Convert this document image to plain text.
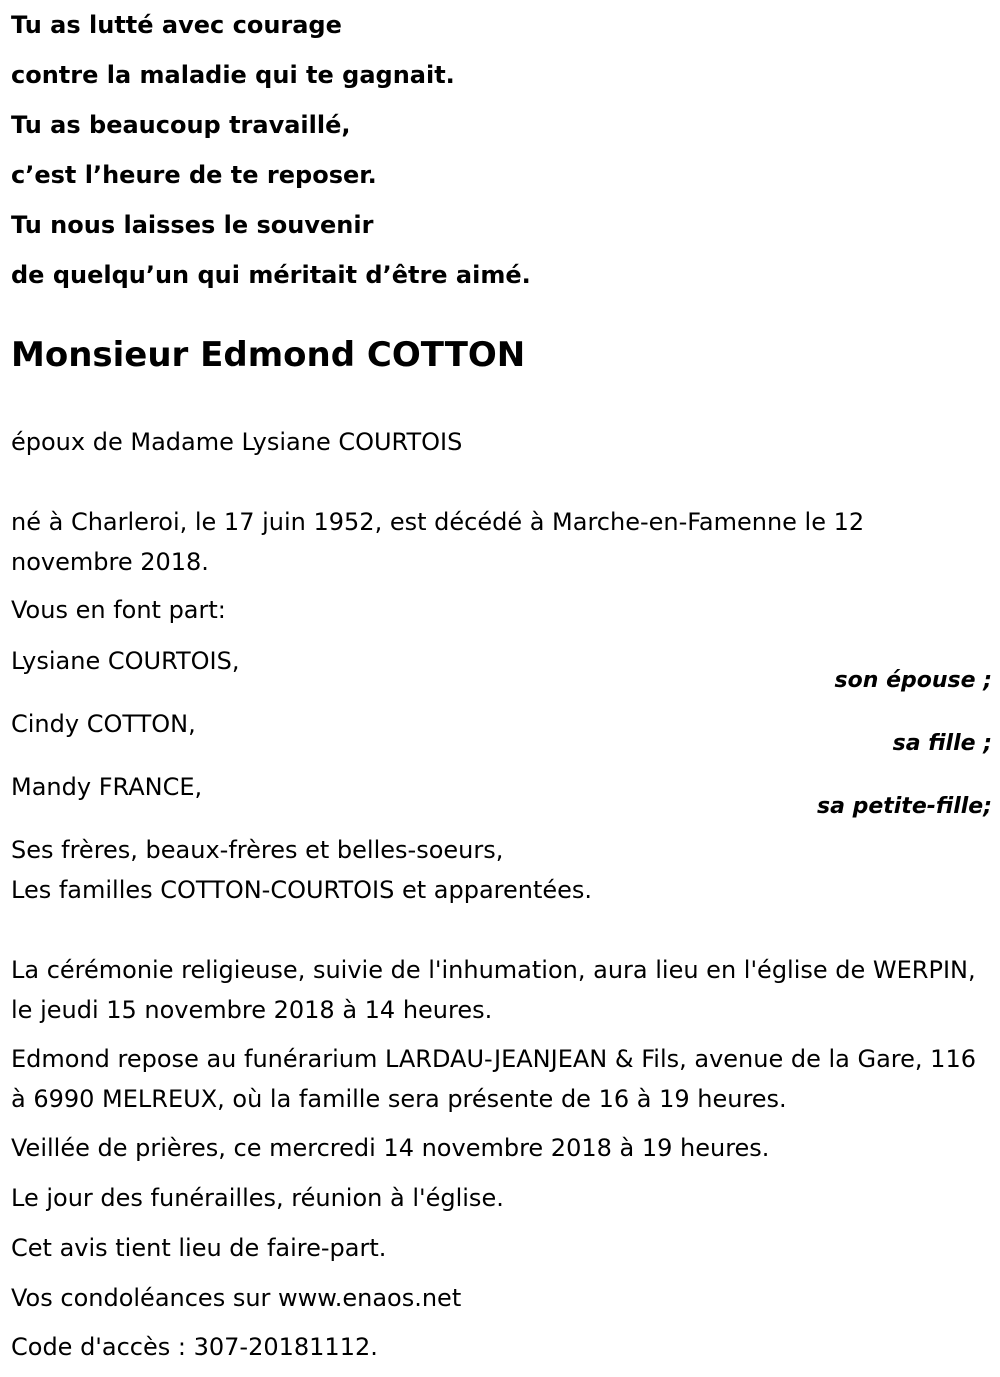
Tu as lutté avec courage
contre la maladie qui te gagnait.
Tu as beaucoup travaillé,
c’est l’heure de te reposer.
Tu nous laisses le souvenir
de quelqu’un qui méritait d’être aimé.
Monsieur Edmond COTTON
époux de Madame Lysiane COURTOIS
né à Charleroi, le 17 juin 1952, est décédé à Marche-en-Famenne le 12 novembre 2018.
Vous en font part:
Lysiane COURTOIS,
son épouse ;
Cindy COTTON,
sa fille ;
Mandy FRANCE,
sa petite-fille;
Ses frères, beaux-frères et belles-soeurs,
Les familles COTTON-COURTOIS et apparentées.
La cérémonie religieuse, suivie de l'inhumation, aura lieu en l'église de WERPIN, le jeudi 15 novembre 2018 à 14 heures.
Edmond repose au funérarium LARDAU-JEANJEAN & Fils, avenue de la Gare, 116 à 6990 MELREUX, où la famille sera présente de 16 à 19 heures.
Veillée de prières, ce mercredi 14 novembre 2018 à 19 heures.
Le jour des funérailles, réunion à l'église.
Cet avis tient lieu de faire-part.
Vos condoléances sur www.enaos.net
Code d'accès : 307-20181112.
